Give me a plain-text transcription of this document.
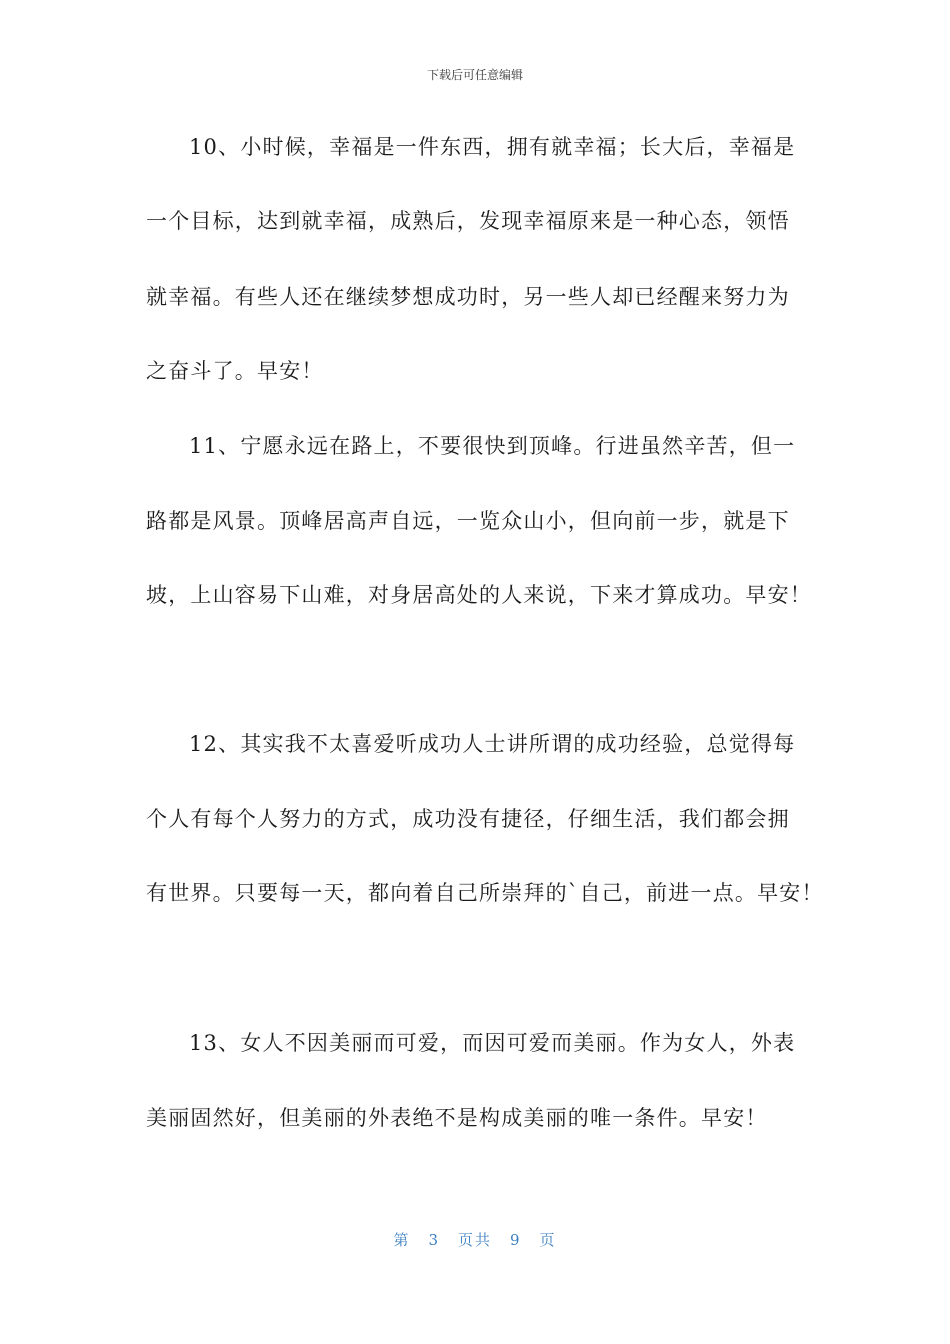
下载后可任意编辑
10、小时候，幸福是一件东西，拥有就幸福；长大后，幸福是
一个目标，达到就幸福，成熟后，发现幸福原来是一种心态，领悟
就幸福。有些人还在继续梦想成功时，另一些人却已经醒来努力为
之奋斗了。早安！
11、宁愿永远在路上，不要很快到顶峰。行进虽然辛苦，但一
路都是风景。顶峰居高声自远，一览众山小，但向前一步，就是下
坡，上山容易下山难，对身居高处的人来说，下来才算成功。早安！
12、其实我不太喜爱听成功人士讲所谓的成功经验，总觉得每
个人有每个人努力的方式，成功没有捷径，仔细生活，我们都会拥
有世界。只要每一天，都向着自己所崇拜的`自己，前进一点。早安！
13、女人不因美丽而可爱，而因可爱而美丽。作为女人，外表
美丽固然好，但美丽的外表绝不是构成美丽的唯一条件。早安！
第 3 页共 9 页
